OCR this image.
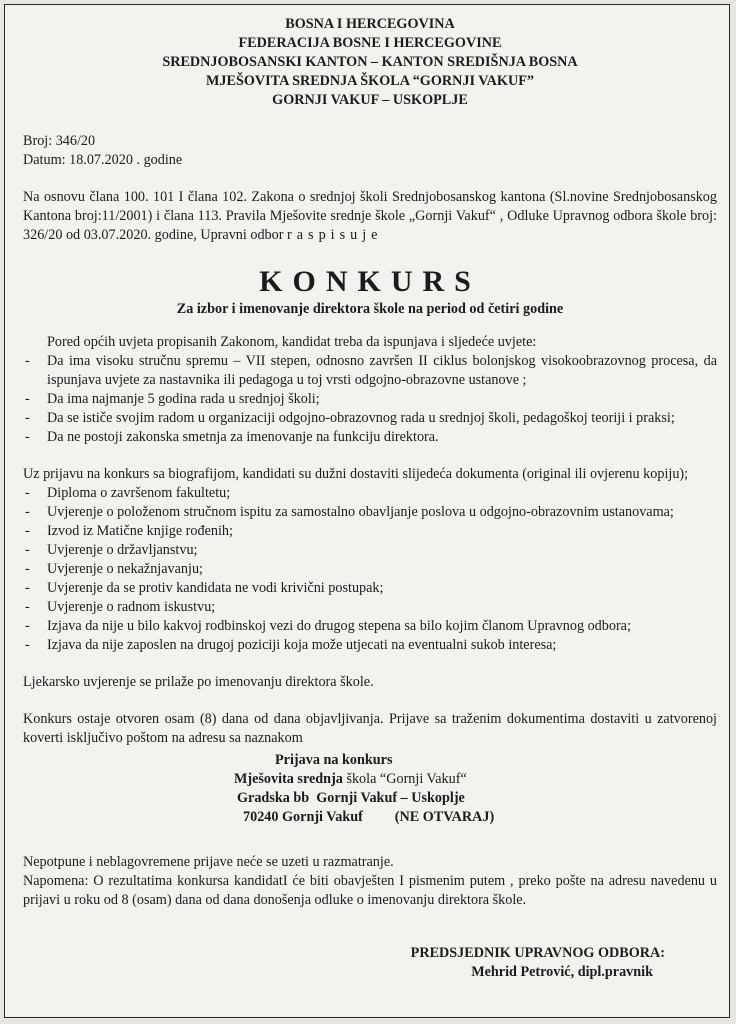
BOSNA I HERCEGOVINA
FEDERACIJA BOSNE I HERCEGOVINE
SREDNJOBOSANSKI KANTON – KANTON SREDIŠNJA BOSNA
MJEŠOVITA SREDNJA ŠKOLA “GORNJI VAKUF”
GORNJI VAKUF – USKOPLJE
Broj: 346/20
Datum: 18.07.2020 . godine
Na osnovu člana 100. 101 I člana 102. Zakona o srednjoj školi Srednjobosanskog kantona (Sl.novine Srednjobosanskog Kantona broj:11/2001) i člana 113. Pravila Mješovite srednje škole „Gornji Vakuf“ , Odluke Upravnog odbora škole broj: 326/20 od 03.07.2020. godine, Upravni odbor raspisuje
KONKURS
Za izbor i imenovanje direktora škole na period od četiri godine
Pored općih uvjeta propisanih Zakonom, kandidat treba da ispunjava i sljedeće uvjete:
- Da ima visoku stručnu spremu – VII stepen, odnosno završen II ciklus bolonjskog visokoobrazovnog procesa, da ispunjava uvjete za nastavnika ili pedagoga u toj vrsti odgojno-obrazovne ustanove ;
- Da ima najmanje 5 godina rada u srednjoj školi;
- Da se ističe svojim radom u organizaciji odgojno-obrazovnog rada u srednjoj školi, pedagoškoj teoriji i praksi;
- Da ne postoji zakonska smetnja za imenovanje na funkciju direktora.
Uz prijavu na konkurs sa biografijom, kandidati su dužni dostaviti slijedeća dokumenta (original ili ovjerenu kopiju);
- Diploma o završenom fakultetu;
- Uvjerenje o položenom stručnom ispitu za samostalno obavljanje poslova u odgojno-obrazovnim ustanovama;
- Izvod iz Matične knjige rođenih;
- Uvjerenje o državljanstvu;
- Uvjerenje o nekažnjavanju;
- Uvjerenje da se protiv kandidata ne vodi krivični postupak;
- Uvjerenje o radnom iskustvu;
- Izjava da nije u bilo kakvoj rodbinskoj vezi do drugog stepena sa bilo kojim članom Upravnog odbora;
- Izjava da nije zaposlen na drugoj poziciji koja može utjecati na eventualni sukob interesa;
Ljekarsko uvjerenje se prilaže po imenovanju direktora škole.
Konkurs ostaje otvoren osam (8) dana od dana objavljivanja. Prijave sa traženim dokumentima dostaviti u zatvorenoj koverti isključivo poštom na adresu sa naznakom
Prijava na konkurs
Mješovita srednja škola “Gornji Vakuf“
Gradska bb  Gornji Vakuf – Uskoplje
70240 Gornji Vakuf (NE OTVARAJ)
Nepotpune i neblagovremene prijave neće se uzeti u razmatranje.
Napomena: O rezultatima konkursa kandidatI će biti obavješten I pismenim putem , preko pošte na adresu navedenu u prijavi u roku od 8 (osam) dana od dana donošenja odluke o imenovanju direktora škole.
PREDSJEDNIK UPRAVNOG ODBORA:
Mehrid Petrović, dipl.pravnik
